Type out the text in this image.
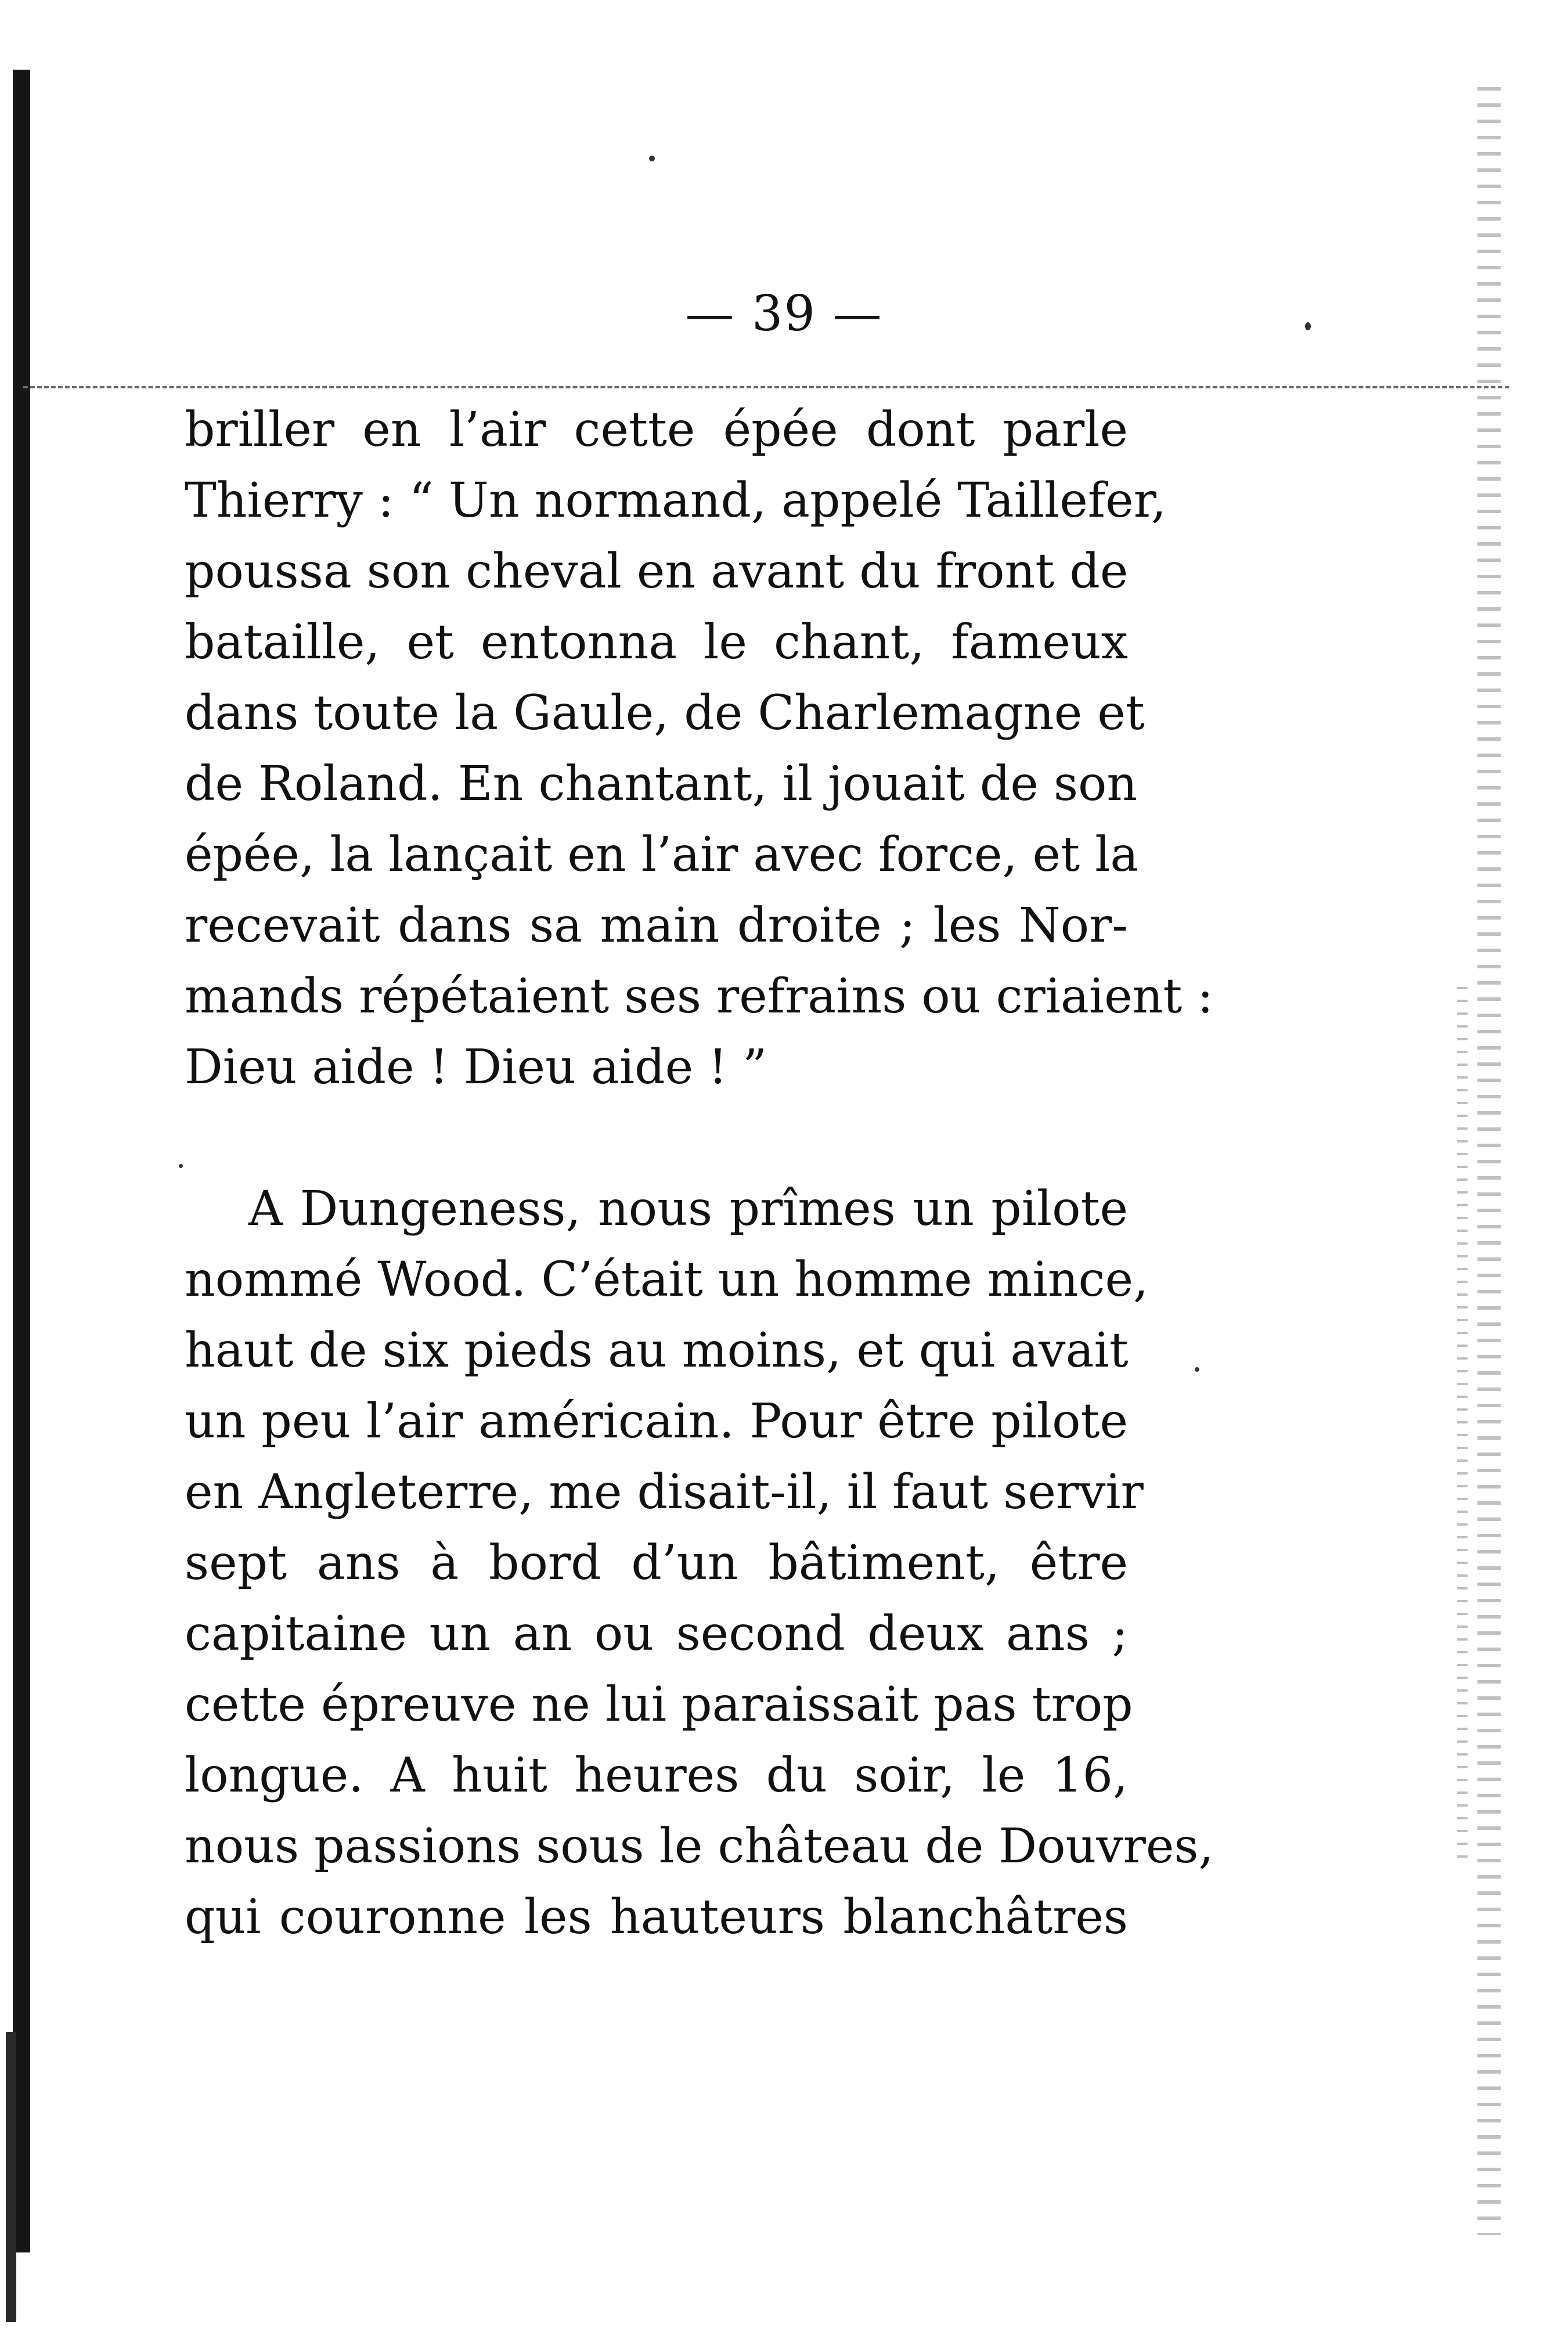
— 39 —
briller en l’air cette épée dont parle
Thierry : “ Un normand, appelé Taillefer,
poussa son cheval en avant du front de
bataille, et entonna le chant, fameux
dans toute la Gaule, de Charlemagne et
de Roland. En chantant, il jouait de son
épée, la lançait en l’air avec force, et la
recevait dans sa main droite ; les Nor-
mands répétaient ses refrains ou criaient :
Dieu aide ! Dieu aide ! ”
A Dungeness, nous prîmes un pilote
nommé Wood. C’était un homme mince,
haut de six pieds au moins, et qui avait
un peu l’air américain. Pour être pilote
en Angleterre, me disait-il, il faut servir
sept ans à bord d’un bâtiment, être
capitaine un an ou second deux ans ;
cette épreuve ne lui paraissait pas trop
longue. A huit heures du soir, le 16,
nous passions sous le château de Douvres,
qui couronne les hauteurs blanchâtres
